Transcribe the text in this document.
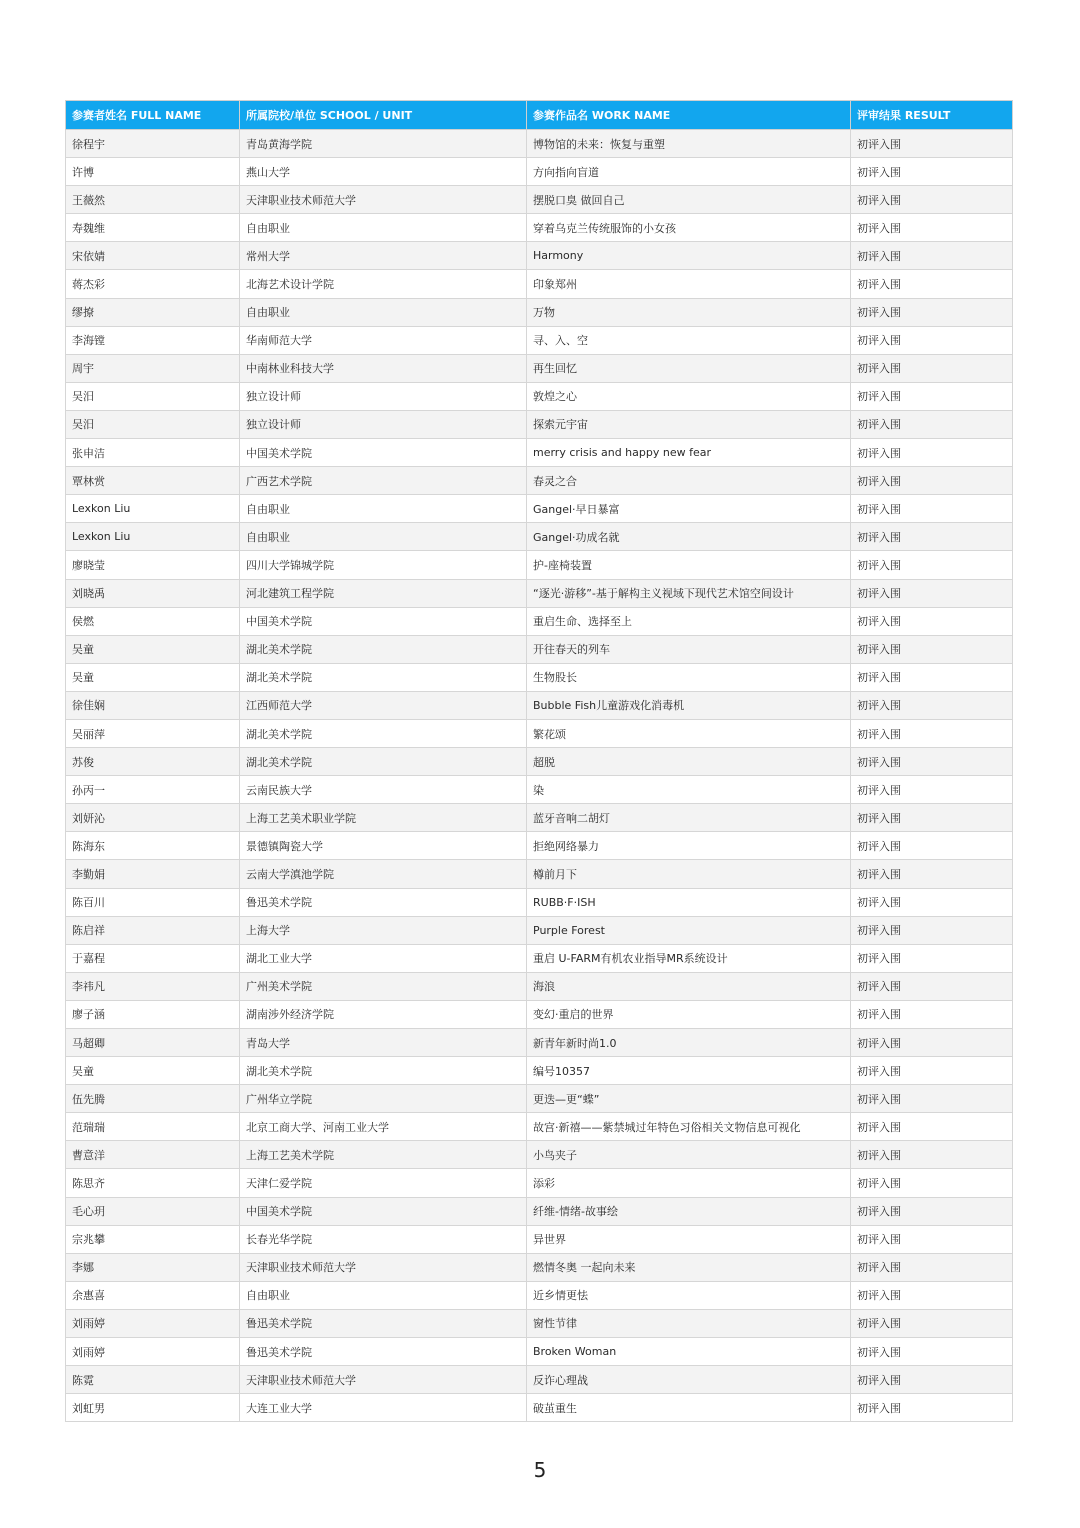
参赛者姓名 FULL NAME	所属院校/单位 SCHOOL / UNIT	参赛作品名 WORK NAME	评审结果 RESULT
徐程宇	青岛黄海学院	博物馆的未来：恢复与重塑	初评入围
许博	燕山大学	方向指向盲道	初评入围
王薇然	天津职业技术师范大学	摆脱口臭 做回自己	初评入围
寿魏维	自由职业	穿着乌克兰传统服饰的小女孩	初评入围
宋依婧	常州大学	Harmony	初评入围
蒋杰彩	北海艺术设计学院	印象郑州	初评入围
缪撩	自由职业	万物	初评入围
李海镗	华南师范大学	寻、入、空	初评入围
周宇	中南林业科技大学	再生回忆	初评入围
吴汨	独立设计师	敦煌之心	初评入围
吴汨	独立设计师	探索元宇宙	初评入围
张申洁	中国美术学院	merry crisis and happy new fear	初评入围
覃林赏	广西艺术学院	春灵之合	初评入围
Lexkon Liu	自由职业	Gangel·早日暴富	初评入围
Lexkon Liu	自由职业	Gangel·功成名就	初评入围
廖晓莹	四川大学锦城学院	护-座椅装置	初评入围
刘晓禹	河北建筑工程学院	“逐光·游移”-基于解构主义视域下现代艺术馆空间设计	初评入围
侯燃	中国美术学院	重启生命、选择至上	初评入围
吴童	湖北美术学院	开往春天的列车	初评入围
吴童	湖北美术学院	生物股长	初评入围
徐佳娴	江西师范大学	Bubble Fish儿童游戏化消毒机	初评入围
吴丽萍	湖北美术学院	繁花颂	初评入围
苏俊	湖北美术学院	超脱	初评入围
孙丙一	云南民族大学	染	初评入围
刘妍沁	上海工艺美术职业学院	蓝牙音响二胡灯	初评入围
陈海东	景德镇陶瓷大学	拒绝网络暴力	初评入围
李勤娟	云南大学滇池学院	樽前月下	初评入围
陈百川	鲁迅美术学院	RUBB·F·ISH	初评入围
陈启祥	上海大学	Purple Forest	初评入围
于嘉程	湖北工业大学	重启 U-FARM有机农业指导MR系统设计	初评入围
李祎凡	广州美术学院	海浪	初评入围
廖子涵	湖南涉外经济学院	变幻·重启的世界	初评入围
马超卿	青岛大学	新青年新时尚1.0	初评入围
吴童	湖北美术学院	编号10357	初评入围
伍先腾	广州华立学院	更迭—更“蝶”	初评入围
范瑞瑞	北京工商大学、河南工业大学	故宫·新禧——紫禁城过年特色习俗相关文物信息可视化	初评入围
曹意洋	上海工艺美术学院	小鸟夹子	初评入围
陈思齐	天津仁爱学院	添彩	初评入围
毛心玥	中国美术学院	纤维-情绪-故事绘	初评入围
宗兆攀	长春光华学院	异世界	初评入围
李娜	天津职业技术师范大学	燃情冬奥 一起向未来	初评入围
余惠喜	自由职业	近乡情更怯	初评入围
刘雨婷	鲁迅美术学院	窗性节律	初评入围
刘雨婷	鲁迅美术学院	Broken Woman	初评入围
陈霓	天津职业技术师范大学	反诈心理战	初评入围
刘虹男	大连工业大学	破茧重生	初评入围
5
